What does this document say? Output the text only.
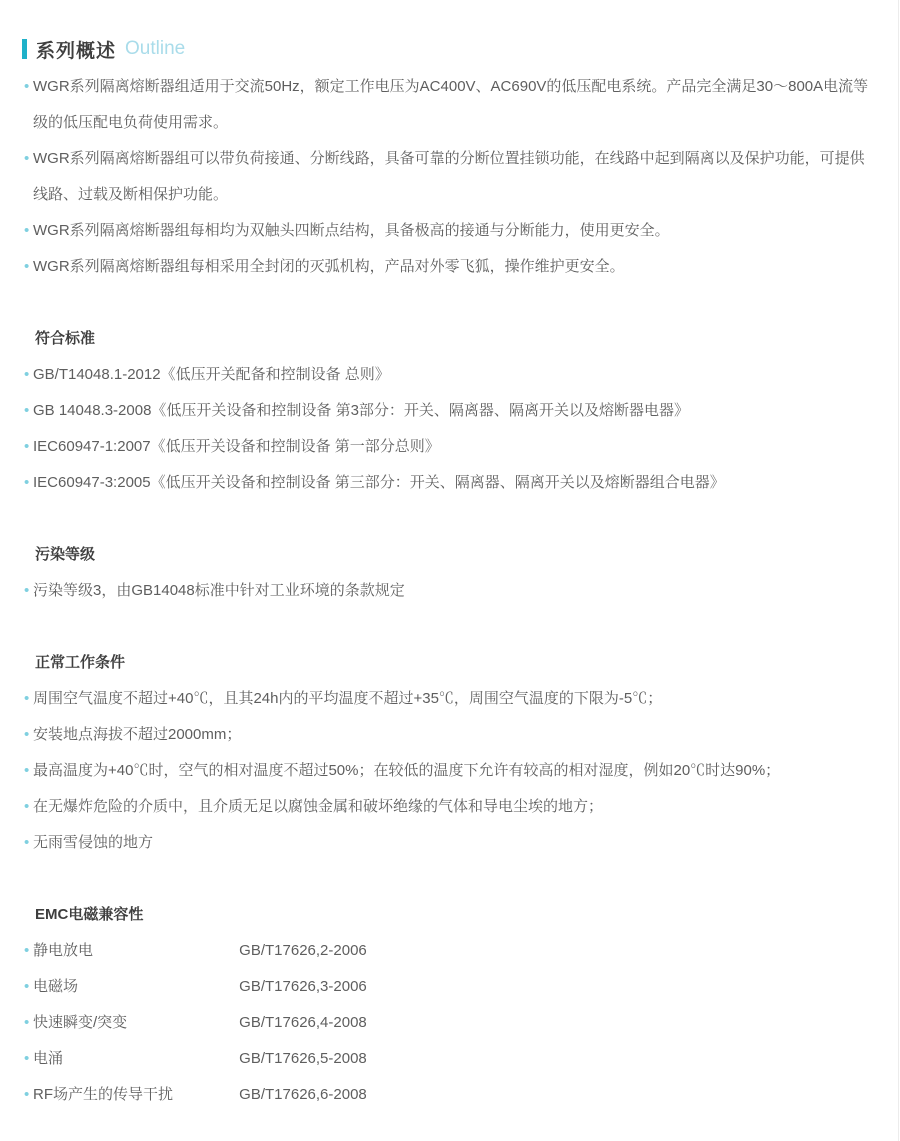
系列概述 Outline

• WGR系列隔离熔断器组适用于交流50Hz，额定工作电压为AC400V、AC690V的低压配电系统。产品完全满足30～800A电流等级的低压配电负荷使用需求。

• WGR系列隔离熔断器组可以带负荷接通、分断线路，具备可靠的分断位置挂锁功能，在线路中起到隔离以及保护功能，可提供线路、过载及断相保护功能。

• WGR系列隔离熔断器组每相均为双触头四断点结构，具备极高的接通与分断能力，使用更安全。

• WGR系列隔离熔断器组每相采用全封闭的灭弧机构，产品对外零飞狐，操作维护更安全。

符合标准

• GB/T14048.1-2012《低压开关配备和控制设备 总则》

• GB 14048.3-2008《低压开关设备和控制设备 第3部分：开关、隔离器、隔离开关以及熔断器电器》

• IEC60947-1:2007《低压开关设备和控制设备 第一部分总则》

• IEC60947-3:2005《低压开关设备和控制设备 第三部分：开关、隔离器、隔离开关以及熔断器组合电器》

污染等级

• 污染等级3，由GB14048标准中针对工业环境的条款规定

正常工作条件

• 周围空气温度不超过+40℃，且其24h内的平均温度不超过+35℃，周围空气温度的下限为-5℃；

• 安装地点海拔不超过2000mm；

• 最高温度为+40℃时，空气的相对温度不超过50%；在较低的温度下允许有较高的相对湿度，例如20℃时达90%；

• 在无爆炸危险的介质中，且介质无足以腐蚀金属和破坏绝缘的气体和导电尘埃的地方；

• 无雨雪侵蚀的地方

EMC电磁兼容性
• 静电放电	GB/T17626,2-2006
• 电磁场	GB/T17626,3-2006
• 快速瞬变/突变	GB/T17626,4-2008
• 电涌	GB/T17626,5-2008
• RF场产生的传导干扰	GB/T17626,6-2008
